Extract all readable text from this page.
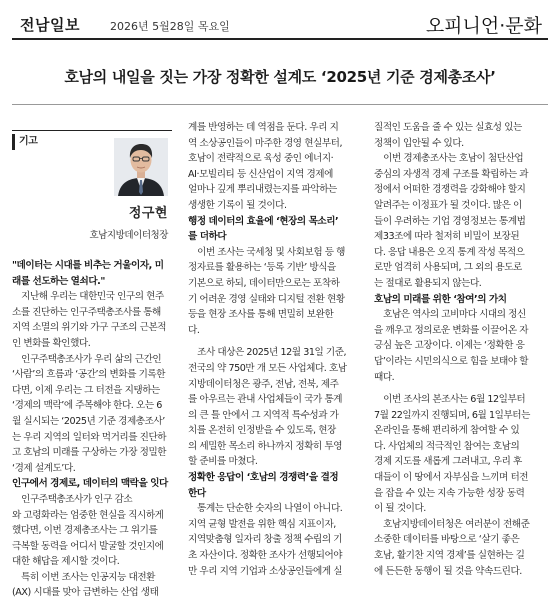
전남일보	2026년 5월28일 목요일	오피니언·문화
호남의 내일을 짓는 가장 정확한 설계도 ‘2025년 기준 경제총조사’
기고
정구현
호남지방데이터청장
"데이터는 시대를 비추는 거울이자, 미
래를 선도하는 열쇠다."
　지난해 우리는 대한민국 인구의 현주
소를 진단하는 인구주택총조사를 통해
지역 소멸의 위기와 가구 구조의 근본적
인 변화를 확인했다.
　인구주택총조사가 우리 삶의 근간인
‘사람’의 흐름과 ‘공간’의 변화를 기록한
다면, 이제 우리는 그 터전을 지탱하는
‘경제의 맥락’에 주목해야 한다. 오는 6
월 실시되는 ‘2025년 기준 경제총조사’
는 우리 지역의 일터와 먹거리를 진단하
고 호남의 미래를 구상하는 가장 정밀한
‘경제 설계도’다.
인구에서 경제로, 데이터의 맥락을 잇다
　인구주택총조사가 인구 감소
와 고령화라는 엄중한 현실을 직시하게
했다면, 이번 경제총조사는 그 위기를
극복할 동력을 어디서 발굴할 것인지에
대한 해답을 제시할 것이다.
　특히 이번 조사는 인공지능 대전환
(AX) 시대를 맞아 급변하는 산업 생태
계를 반영하는 데 역점을 둔다. 우리 지
역 소상공인들이 마주한 경영 현실부터,
호남이 전략적으로 육성 중인 에너지·
AI·모빌리티 등 신산업이 지역 경제에
얼마나 깊게 뿌리내렸는지를 파악하는
생생한 기록이 될 것이다.
행정 데이터의 효율에 ‘현장의 목소리’
를 더하다
　이번 조사는 국세청 및 사회보험 등 행
정자료를 활용하는 ‘등록 기반’ 방식을
기본으로 하되, 데이터만으로는 포착하
기 어려운 경영 실태와 디지털 전환 현황
등을 현장 조사를 통해 면밀히 보완한
다.
　조사 대상은 2025년 12월 31일 기준,
전국의 약 750만 개 모든 사업체다. 호남
지방데이터청은 광주, 전남, 전북, 제주
를 아우르는 관내 사업체들이 국가 통계
의 큰 틀 안에서 그 지역적 특수성과 가
치를 온전히 인정받을 수 있도록, 현장
의 세밀한 목소리 하나까지 정확히 투영
할 준비를 마쳤다.
정확한 응답이 ‘호남의 경쟁력’을 결정
한다
　통계는 단순한 숫자의 나열이 아니다.
지역 균형 발전을 위한 핵심 지표이자,
지역맞춤형 일자리 창출 정책 수립의 기
초 자산이다. 정확한 조사가 선행되어야
만 우리 지역 기업과 소상공인들에게 실
질적인 도움을 줄 수 있는 실효성 있는
정책이 입안될 수 있다.
　이번 경제총조사는 호남이 첨단산업
중심의 자생적 경제 구조를 확립하는 과
정에서 어떠한 경쟁력을 강화해야 할지
알려주는 이정표가 될 것이다. 많은 이
들이 우려하는 기업 경영정보는 통계법
제33조에 따라 철저히 비밀이 보장된
다. 응답 내용은 오직 통계 작성 목적으
로만 엄격히 사용되며, 그 외의 용도로
는 절대로 활용되지 않는다.
호남의 미래를 위한 ‘참여’의 가치
　호남은 역사의 고비마다 시대의 정신
을 깨우고 정의로운 변화를 이끌어온 자
긍심 높은 고장이다. 이제는 ‘정확한 응
답’이라는 시민의식으로 힘을 보태야 할
때다.
　이번 조사의 본조사는 6월 12일부터
7월 22일까지 진행되며, 6월 1일부터는
온라인을 통해 편리하게 참여할 수 있
다. 사업체의 적극적인 참여는 호남의
경제 지도를 새롭게 그려내고, 우리 후
대들이 이 땅에서 자부심을 느끼며 터전
을 잡을 수 있는 지속 가능한 성장 동력
이 될 것이다.
　호남지방데이터청은 여러분이 전해준
소중한 데이터를 바탕으로 ‘살기 좋은
호남, 활기찬 지역 경제’를 실현하는 길
에 든든한 동행이 될 것을 약속드린다.
